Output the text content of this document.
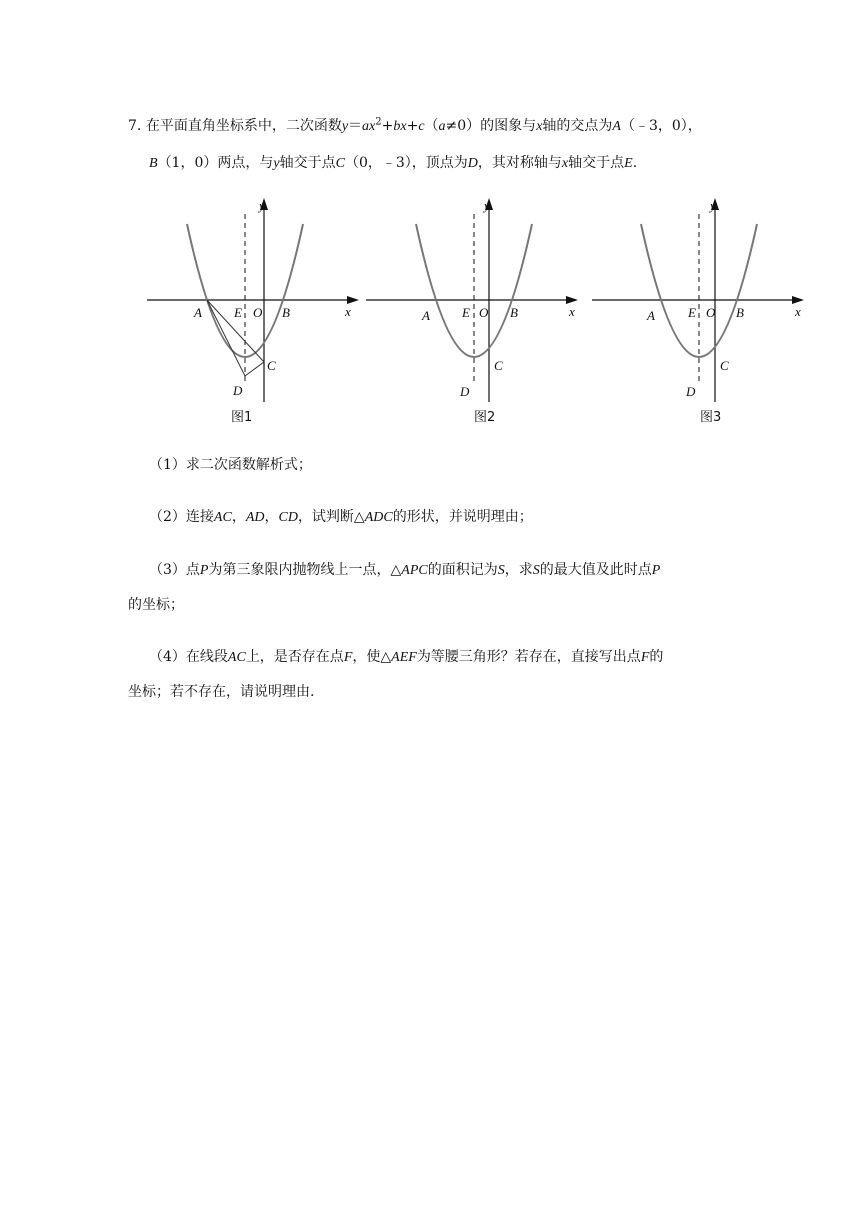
7. 在平面直角坐标系中，二次函数$y=ax^2+bx+c(a\ne 0)$的图象与x轴的交点为A（﹣3，0），

B（1，0）两点，与y轴交于点C（0，﹣3），顶点为D，其对称轴与x轴交于点E.

y
x
A E O B
C
D
图1
y
x
A E O B
C
D
图2
y
x
A	E O B
C
D
图3

（1）求二次函数解析式；

（2）连接AC，AD，CD，试判断△ADC的形状，并说明理由；

（3）点P为第三象限内抛物线上一点，△APC的面积记为S，求S的最大值及此时点P
的坐标；

（4）在线段AC上，是否存在点F，使△AEF为等腰三角形？若存在，直接写出点F的
坐标；若不存在，请说明理由.
